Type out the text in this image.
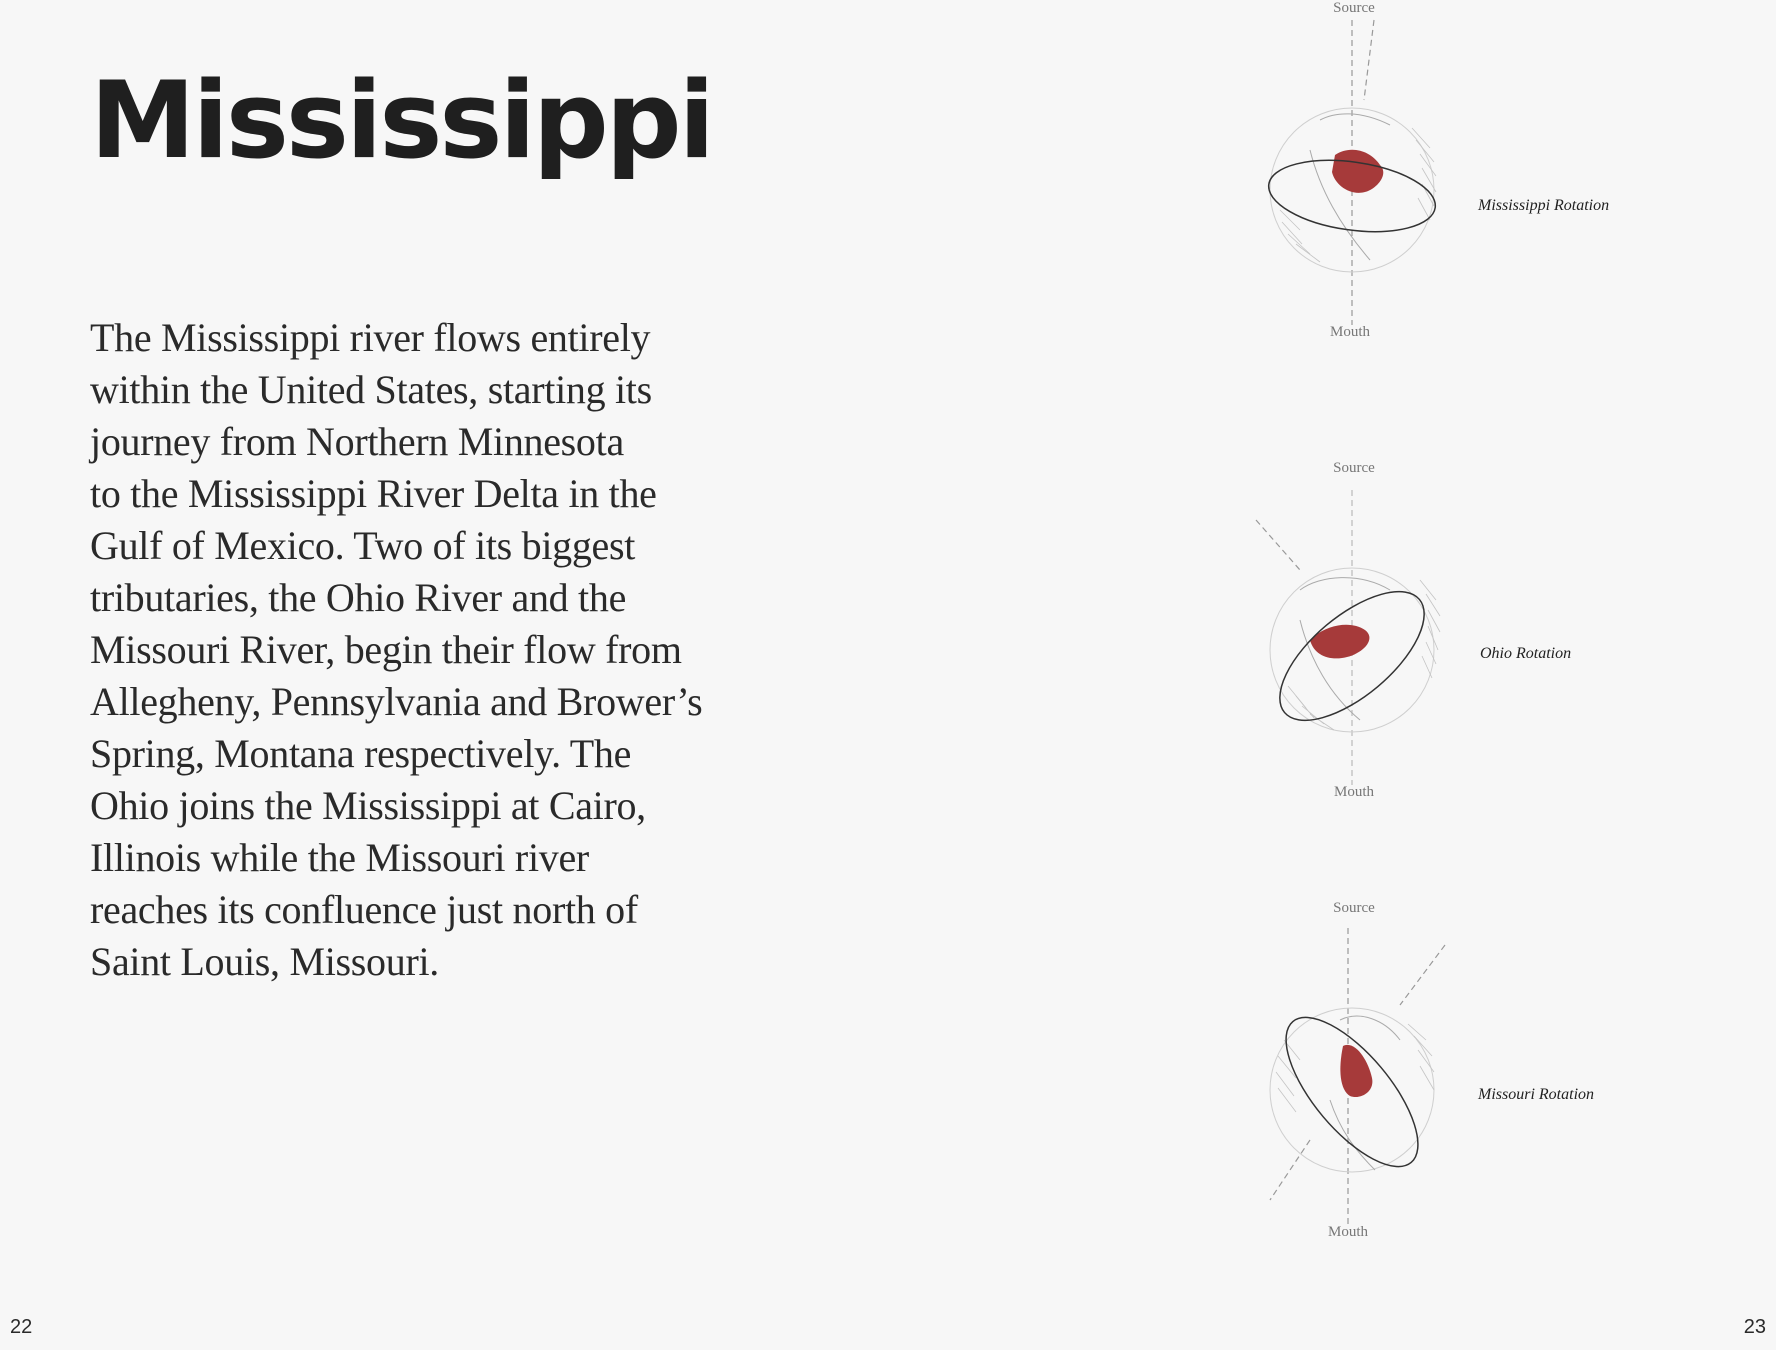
Mississippi

The Mississippi river flows entirely
within the United States, starting its
journey from Northern Minnesota
to the Mississippi River Delta in the
Gulf of Mexico. Two of its biggest
tributaries, the Ohio River and the
Missouri River, begin their flow from
Allegheny, Pennsylvania and Brower’s
Spring, Montana respectively. The
Ohio joins the Mississippi at Cairo,
Illinois while the Missouri river
reaches its confluence just north of
Saint Louis, Missouri.

Source
Mouth
Mississippi Rotation
Source
Mouth
Ohio Rotation
Source
Mouth
Missouri Rotation
22	23
